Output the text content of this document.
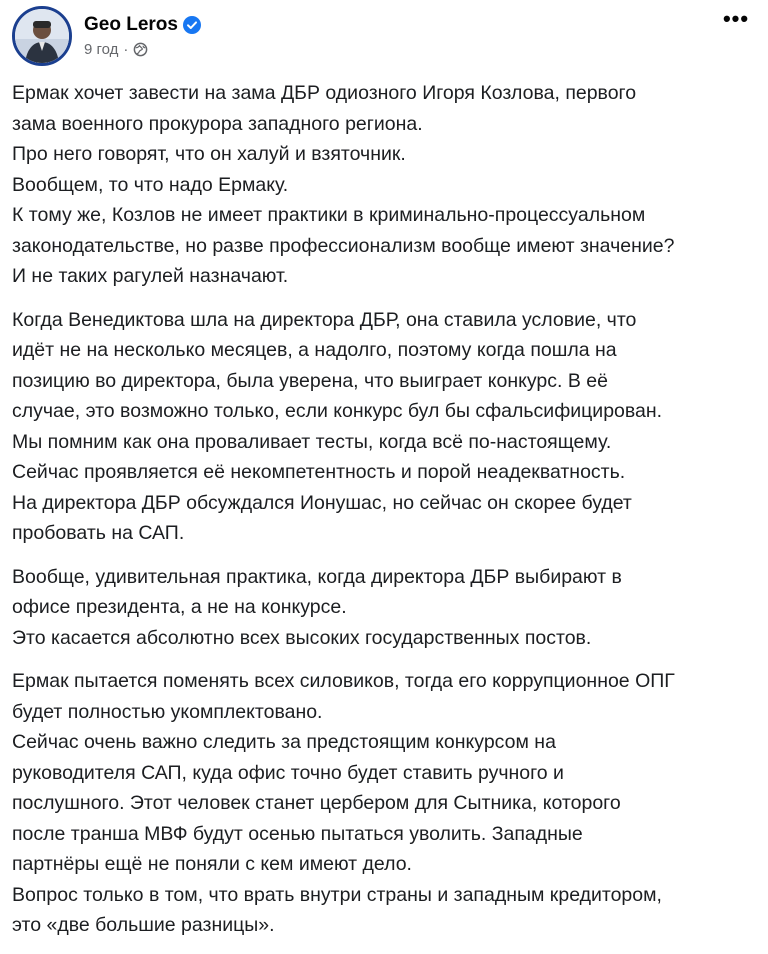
Geo Leros
9 год ·
•••
Ермак хочет завести на зама ДБР одиозного Игоря Козлова, первого
зама военного прокурора западного региона.
Про него говорят, что он халуй и взяточник.
Вообщем, то что надо Ермаку.
К тому же, Козлов не имеет практики в криминально-процессуальном
законодательстве, но разве профессионализм вообще имеют значение?
И не таких рагулей назначают.
Когда Венедиктова шла на директора ДБР, она ставила условие, что
идёт не на несколько месяцев, а надолго, поэтому когда пошла на
позицию во директора, была уверена, что выиграет конкурс. В её
случае, это возможно только, если конкурс бул бы сфальсифицирован.
Мы помним как она проваливает тесты, когда всё по-настоящему.
Сейчас проявляется её некомпетентность и порой неадекватность.
На директора ДБР обсуждался Ионушас, но сейчас он скорее будет
пробовать на САП.
Вообще, удивительная практика, когда директора ДБР выбирают в
офисе президента, а не на конкурсе.
Это касается абсолютно всех высоких государственных постов.
Ермак пытается поменять всех силовиков, тогда его коррупционное ОПГ
будет полностью укомплектовано.
Сейчас очень важно следить за предстоящим конкурсом на
руководителя САП, куда офис точно будет ставить ручного и
послушного. Этот человек станет цербером для Сытника, которого
после транша МВФ будут осенью пытаться уволить. Западные
партнёры ещё не поняли с кем имеют дело.
Вопрос только в том, что врать внутри страны и западным кредитором,
это «две большие разницы».
